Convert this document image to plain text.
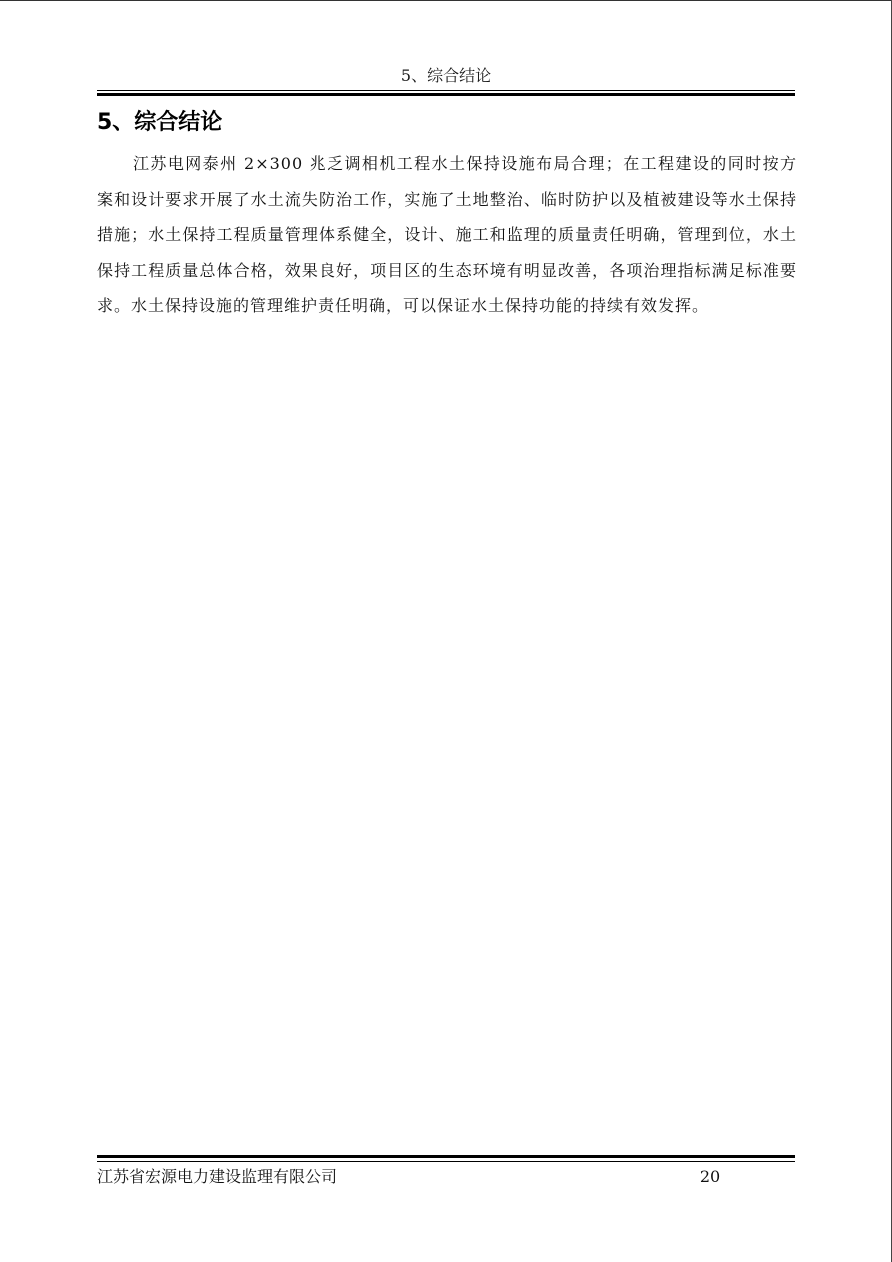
5、综合结论
5、综合结论

江苏电网泰州 2×300 兆乏调相机工程水土保持设施布局合理；在工程建设的同时按方案和设计要求开展了水土流失防治工作，实施了土地整治、临时防护以及植被建设等水土保持措施；水土保持工程质量管理体系健全，设计、施工和监理的质量责任明确，管理到位，水土保持工程质量总体合格，效果良好，项目区的生态环境有明显改善，各项治理指标满足标准要求。水土保持设施的管理维护责任明确，可以保证水土保持功能的持续有效发挥。

江苏省宏源电力建设监理有限公司	20
